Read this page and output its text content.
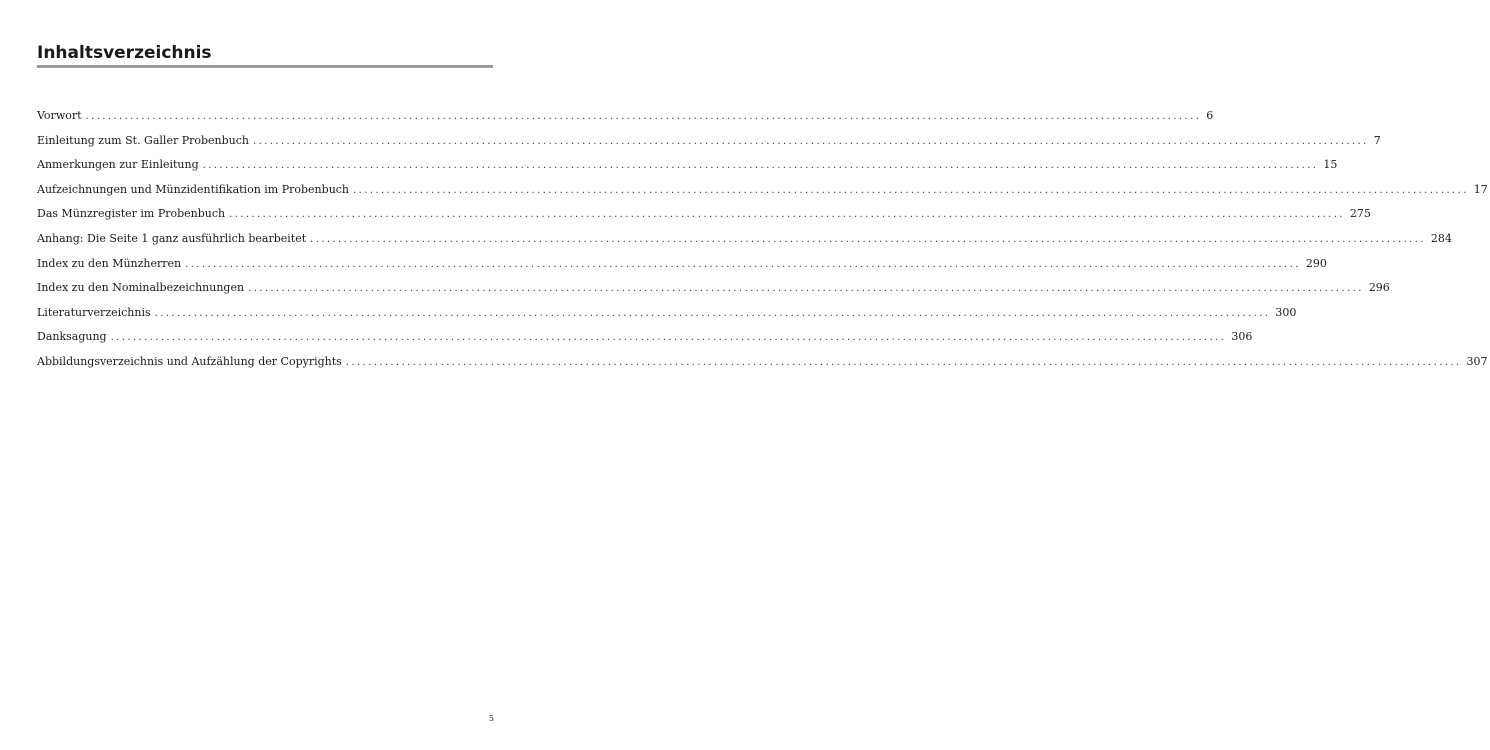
Inhaltsverzeichnis
Vorwort ........................................................................................................................................................................................................ 6
Einleitung zum St. Galler Probenbuch ........................................................................................................................................................................................................ 7
Anmerkungen zur Einleitung ........................................................................................................................................................................................................ 15
Aufzeichnungen und Münzidentifikation im Probenbuch ........................................................................................................................................................................................................ 17
Das Münzregister im Probenbuch ........................................................................................................................................................................................................ 275
Anhang: Die Seite 1 ganz ausführlich bearbeitet ........................................................................................................................................................................................................ 284
Index zu den Münzherren ........................................................................................................................................................................................................ 290
Index zu den Nominalbezeichnungen ........................................................................................................................................................................................................ 296
Literaturverzeichnis ........................................................................................................................................................................................................ 300
Danksagung ........................................................................................................................................................................................................ 306
Abbildungsverzeichnis und Aufzählung der Copyrights ........................................................................................................................................................................................................ 307
5
